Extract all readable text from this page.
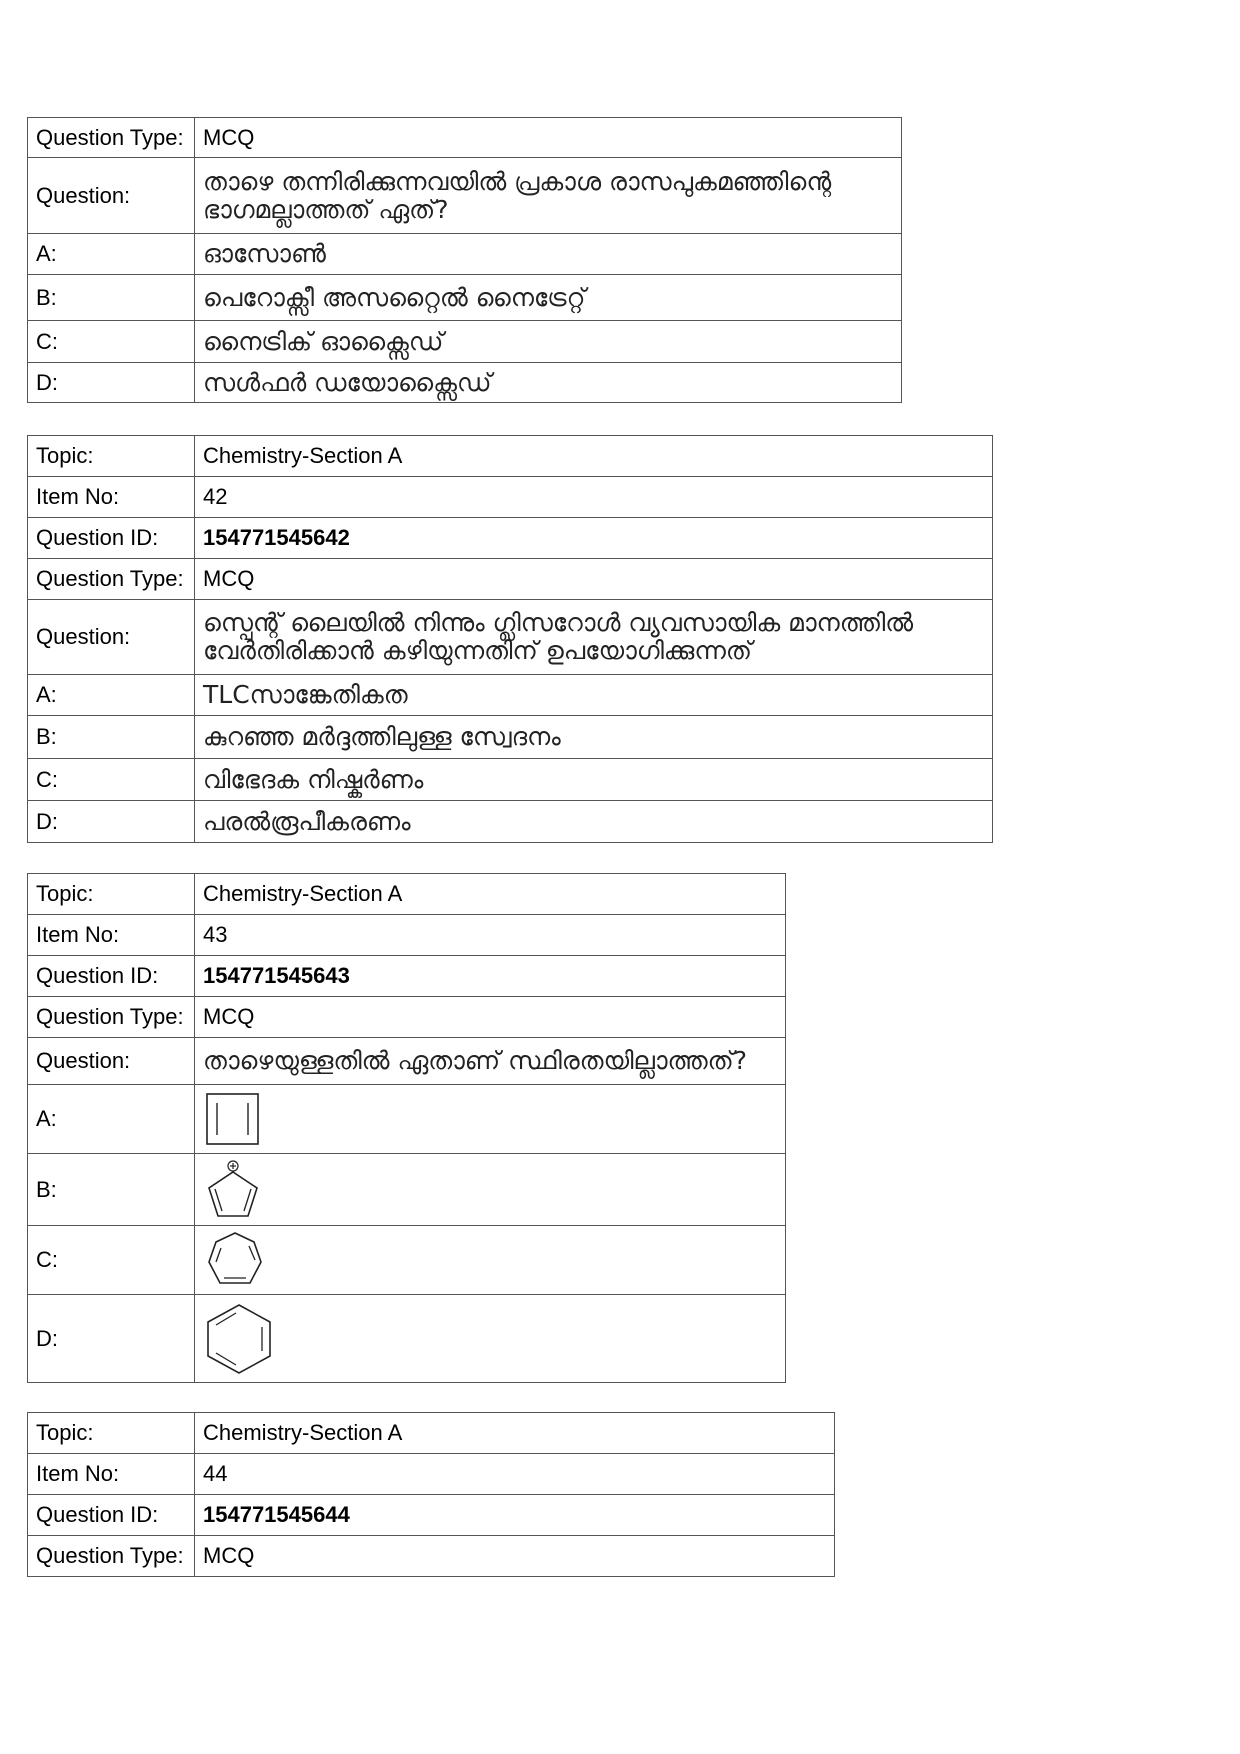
Question Type:	MCQ
Question:	താഴെ തന്നിരിക്കുന്നവയിൽ പ്രകാശ രാസപുകമഞ്ഞിന്റെ ഭാഗമല്ലാത്തത് ഏത്?
A:	ഓസോൺ
B:	പെറോക്സീ അസറ്റൈൽ നൈട്രേറ്റ്
C:	നൈട്രിക് ഓക്സൈഡ്
D:	സൾഫർ ഡയോക്സൈഡ്
Topic:	Chemistry-Section A
Item No:	42
Question ID:	154771545642
Question Type:	MCQ
Question:	സ്പെന്റ് ലൈയിൽ നിന്നും ഗ്ലിസറോൾ വ്യവസായിക മാനത്തിൽ വേർതിരിക്കാൻ കഴിയുന്നതിന് ഉപയോഗിക്കുന്നത്
A:	TLCസാങ്കേതികത
B:	കുറഞ്ഞ മർദ്ദത്തിലുള്ള സ്വേദനം
C:	വിഭേദക നിഷ്കർണം
D:	പരൽരൂപീകരണം
Topic:	Chemistry-Section A
Item No:	43
Question ID:	154771545643
Question Type:	MCQ
Question:	താഴെയുള്ളതിൽ ഏതാണ് സ്ഥിരതയില്ലാത്തത്?
A:	

B:	

C:	

D:	
Topic:	Chemistry-Section A
Item No:	44
Question ID:	154771545644
Question Type:	MCQ
